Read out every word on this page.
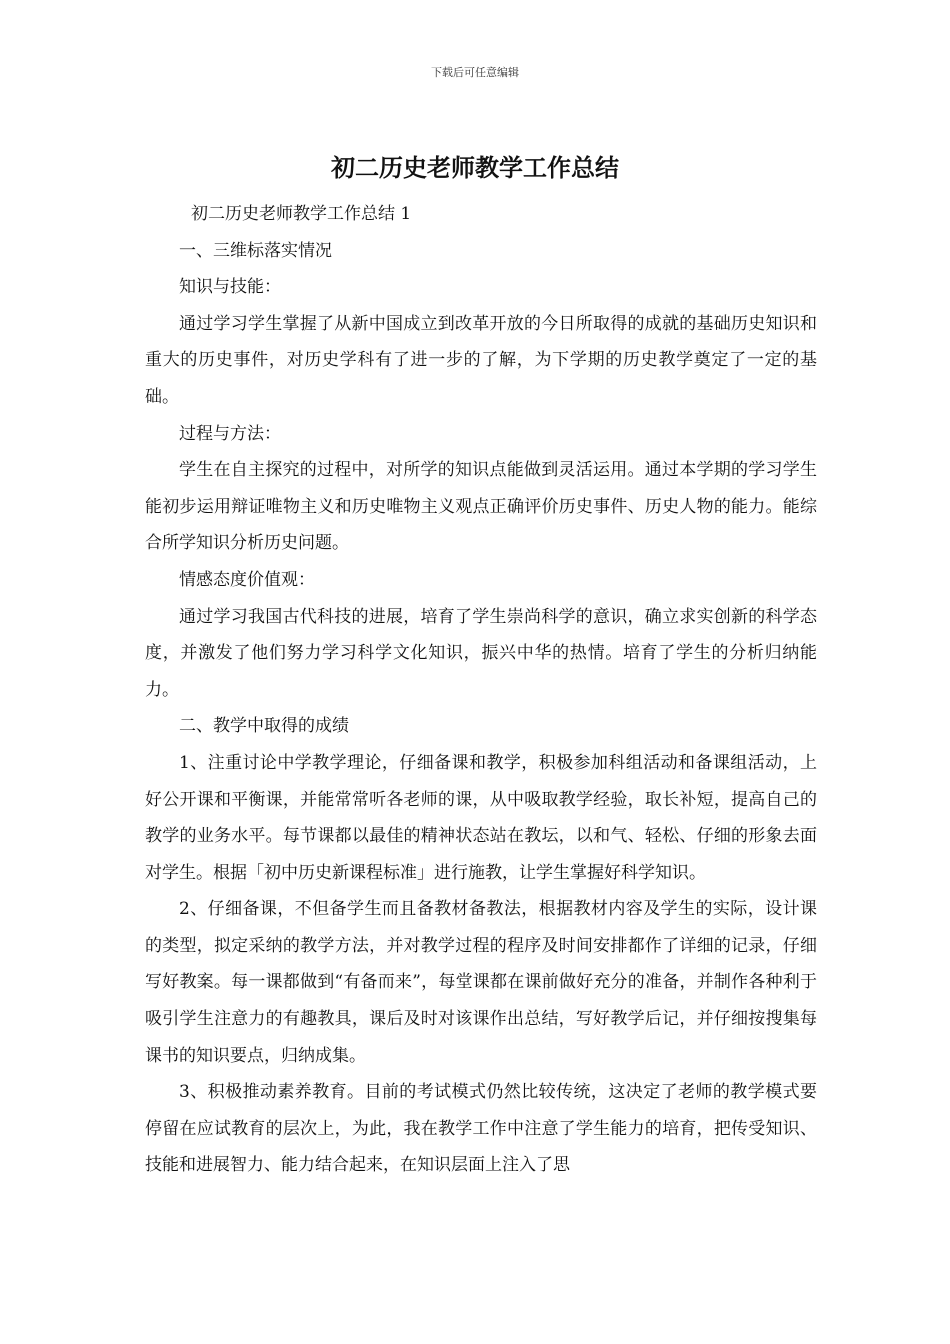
下载后可任意编辑
初二历史老师教学工作总结

初二历史老师教学工作总结 1

一、三维标落实情况

知识与技能：

通过学习学生掌握了从新中国成立到改革开放的今日所取得的成就的基础历史知识和重大的历史事件，对历史学科有了进一步的了解，为下学期的历史教学奠定了一定的基础。

过程与方法：

学生在自主探究的过程中，对所学的知识点能做到灵活运用。通过本学期的学习学生能初步运用辩证唯物主义和历史唯物主义观点正确评价历史事件、历史人物的能力。能综合所学知识分析历史问题。

情感态度价值观：

通过学习我国古代科技的进展，培育了学生崇尚科学的意识，确立求实创新的科学态度，并激发了他们努力学习科学文化知识，振兴中华的热情。培育了学生的分析归纳能力。

二、教学中取得的成绩

1、注重讨论中学教学理论，仔细备课和教学，积极参加科组活动和备课组活动，上好公开课和平衡课，并能常常听各老师的课，从中吸取教学经验，取长补短，提高自己的教学的业务水平。每节课都以最佳的精神状态站在教坛，以和气、轻松、仔细的形象去面对学生。根据「初中历史新课程标准」进行施教，让学生掌握好科学知识。

2、仔细备课，不但备学生而且备教材备教法，根据教材内容及学生的实际，设计课的类型，拟定采纳的教学方法，并对教学过程的程序及时间安排都作了详细的记录，仔细写好教案。每一课都做到“有备而来”，每堂课都在课前做好充分的准备，并制作各种利于吸引学生注意力的有趣教具，课后及时对该课作出总结，写好教学后记，并仔细按搜集每课书的知识要点，归纳成集。

3、积极推动素养教育。目前的考试模式仍然比较传统，这决定了老师的教学模式要停留在应试教育的层次上，为此，我在教学工作中注意了学生能力的培育，把传受知识、技能和进展智力、能力结合起来，在知识层面上注入了思
